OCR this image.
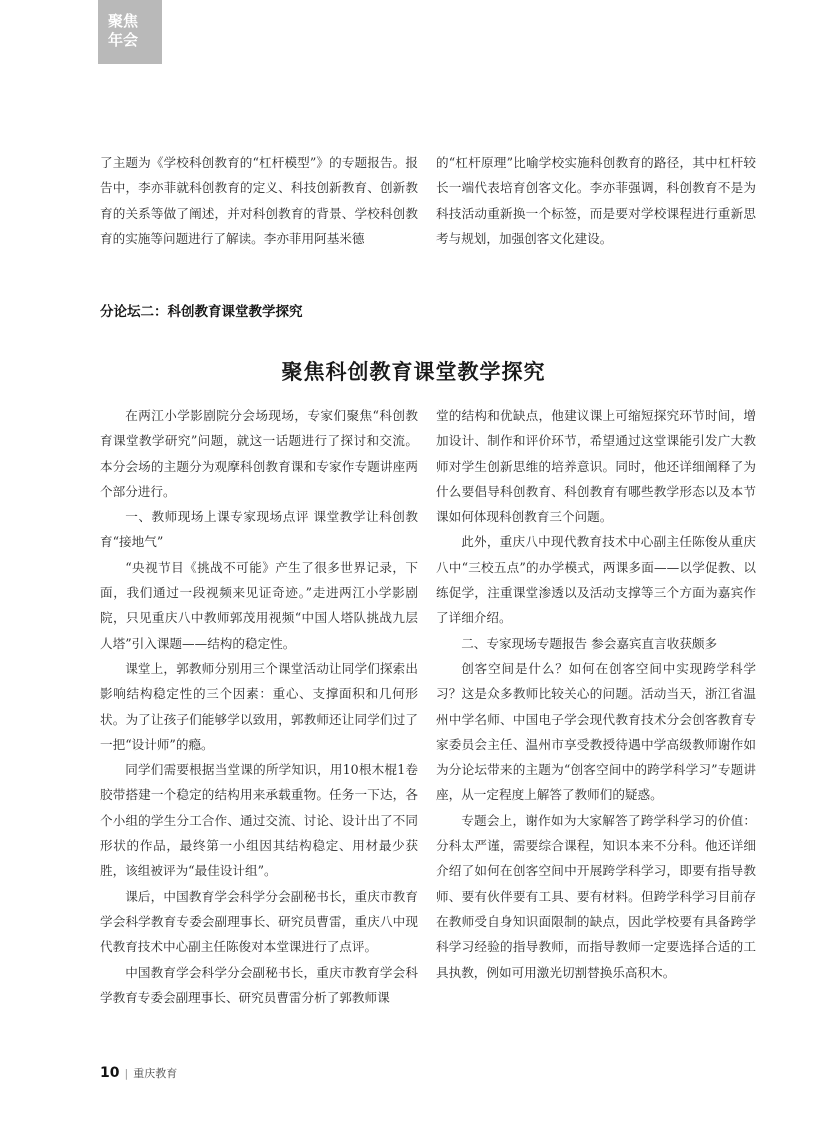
聚焦
年会

了主题为《学校科创教育的“杠杆模型”》的专题报告。报告中，李亦菲就科创教育的定义、科技创新教育、创新教育的关系等做了阐述，并对科创教育的背景、学校科创教育的实施等问题进行了解读。李亦菲用阿基米德

的“杠杆原理”比喻学校实施科创教育的路径，其中杠杆较长一端代表培育创客文化。李亦菲强调，科创教育不是为科技活动重新换一个标签，而是要对学校课程进行重新思考与规划，加强创客文化建设。

分论坛二：科创教育课堂教学探究
聚焦科创教育课堂教学探究

在两江小学影剧院分会场现场，专家们聚焦“科创教育课堂教学研究”问题，就这一话题进行了探讨和交流。本分会场的主题分为观摩科创教育课和专家作专题讲座两个部分进行。

一、教师现场上课专家现场点评 课堂教学让科创教育“接地气”

“央视节目《挑战不可能》产生了很多世界记录，下面，我们通过一段视频来见证奇迹。”走进两江小学影剧院，只见重庆八中教师郭茂用视频“中国人塔队挑战九层人塔”引入课题——结构的稳定性。

课堂上，郭教师分别用三个课堂活动让同学们探索出影响结构稳定性的三个因素：重心、支撑面积和几何形状。为了让孩子们能够学以致用，郭教师还让同学们过了一把“设计师”的瘾。

同学们需要根据当堂课的所学知识，用10根木棍1卷胶带搭建一个稳定的结构用来承载重物。任务一下达，各个小组的学生分工合作、通过交流、讨论、设计出了不同形状的作品，最终第一小组因其结构稳定、用材最少获胜，该组被评为“最佳设计组”。

课后，中国教育学会科学分会副秘书长，重庆市教育学会科学教育专委会副理事长、研究员曹雷，重庆八中现代教育技术中心副主任陈俊对本堂课进行了点评。

中国教育学会科学分会副秘书长，重庆市教育学会科学教育专委会副理事长、研究员曹雷分析了郭教师课

堂的结构和优缺点，他建议课上可缩短探究环节时间，增加设计、制作和评价环节，希望通过这堂课能引发广大教师对学生创新思维的培养意识。同时，他还详细阐释了为什么要倡导科创教育、科创教育有哪些教学形态以及本节课如何体现科创教育三个问题。

此外，重庆八中现代教育技术中心副主任陈俊从重庆八中“三校五点”的办学模式，两课多面——以学促教、以练促学，注重课堂渗透以及活动支撑等三个方面为嘉宾作了详细介绍。

二、专家现场专题报告 参会嘉宾直言收获颇多

创客空间是什么？如何在创客空间中实现跨学科学习？这是众多教师比较关心的问题。活动当天，浙江省温州中学名师、中国电子学会现代教育技术分会创客教育专家委员会主任、温州市享受教授待遇中学高级教师谢作如为分论坛带来的主题为“创客空间中的跨学科学习”专题讲座，从一定程度上解答了教师们的疑惑。

专题会上，谢作如为大家解答了跨学科学习的价值：分科太严谨，需要综合课程，知识本来不分科。他还详细介绍了如何在创客空间中开展跨学科学习，即要有指导教师、要有伙伴要有工具、要有材料。但跨学科学习目前存在教师受自身知识面限制的缺点，因此学校要有具备跨学科学习经验的指导教师，而指导教师一定要选择合适的工具执教，例如可用激光切割替换乐高积木。

10 | 重庆教育
